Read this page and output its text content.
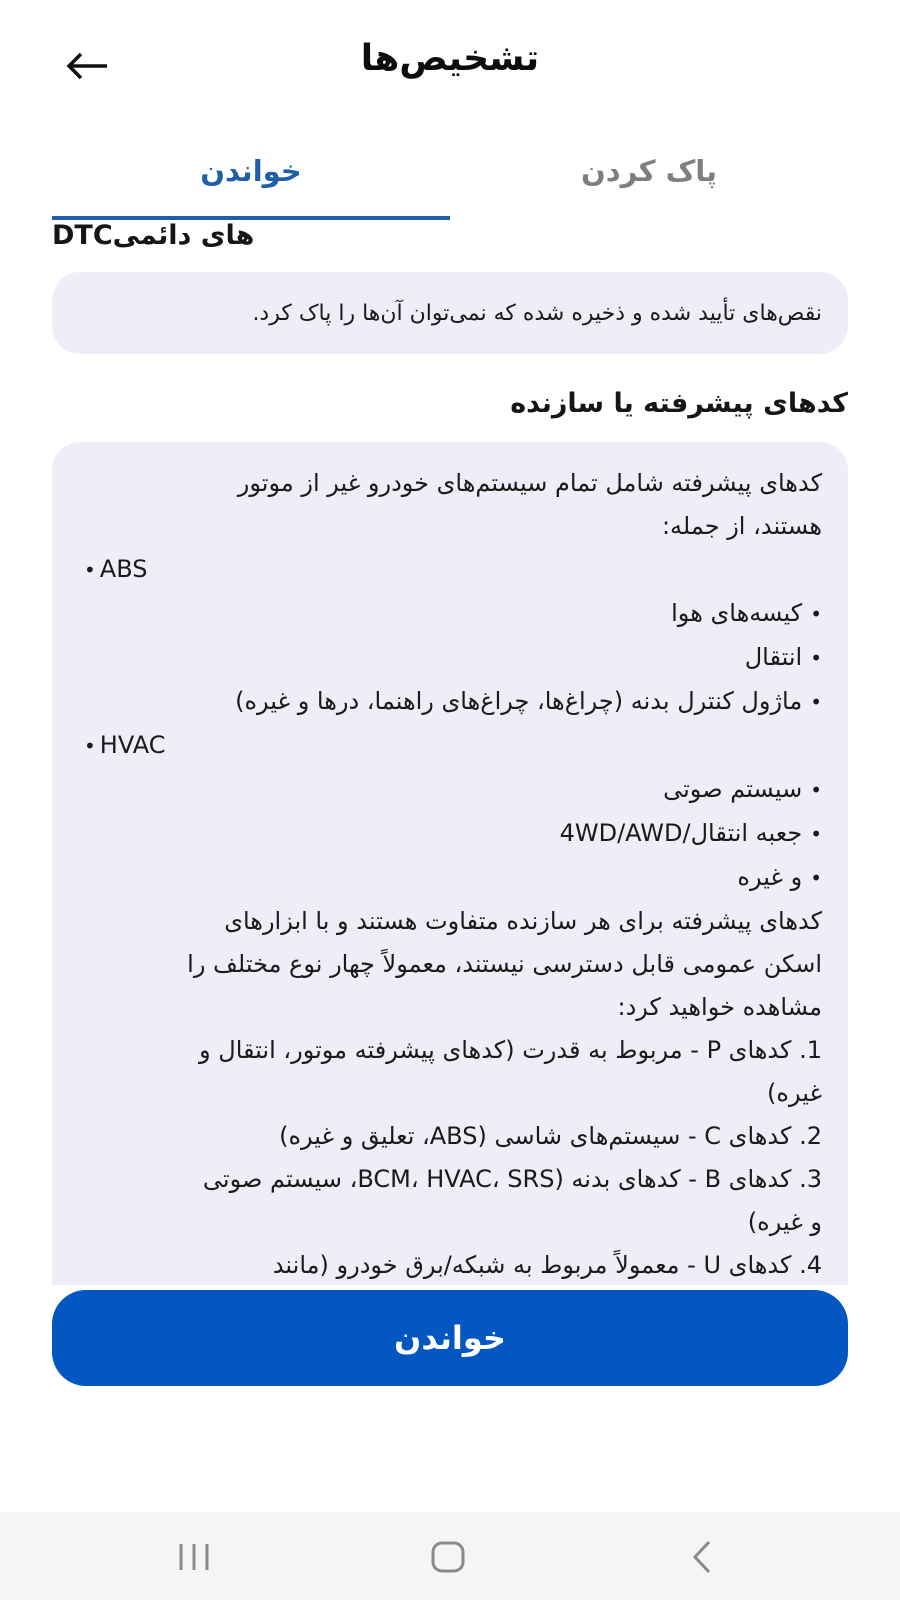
تشخیص‌ها
خواندن	پاک کردن
های دائمیDTC
نقص‌های تأیید شده و ذخیره شده که نمی‌توان آن‌ها را پاک کرد.
کدهای پیشرفته یا سازنده
کدهای پیشرفته شامل تمام سیستم‌های خودرو غیر از موتور
هستند، از جمله:
• ABS
• کیسه‌های هوا
• انتقال
• ماژول کنترل بدنه (چراغ‌ها، چراغ‌های راهنما، درها و غیره)
• HVAC
• سیستم صوتی
• جعبه انتقال/4WD/AWD
• و غیره
کدهای پیشرفته برای هر سازنده متفاوت هستند و با ابزارهای
اسکن عمومی قابل دسترسی نیستند، معمولاً چهار نوع مختلف را
مشاهده خواهید کرد:
1. کدهای P - مربوط به قدرت (کدهای پیشرفته موتور، انتقال و
غیره)
2. کدهای C - سیستم‌های شاسی (ABS، تعلیق و غیره)
3. کدهای B - کدهای بدنه (BCM، HVAC، SRS، سیستم صوتی
و غیره)
4. کدهای U - معمولاً مربوط به شبکه/برق خودرو (مانند
خواندن
